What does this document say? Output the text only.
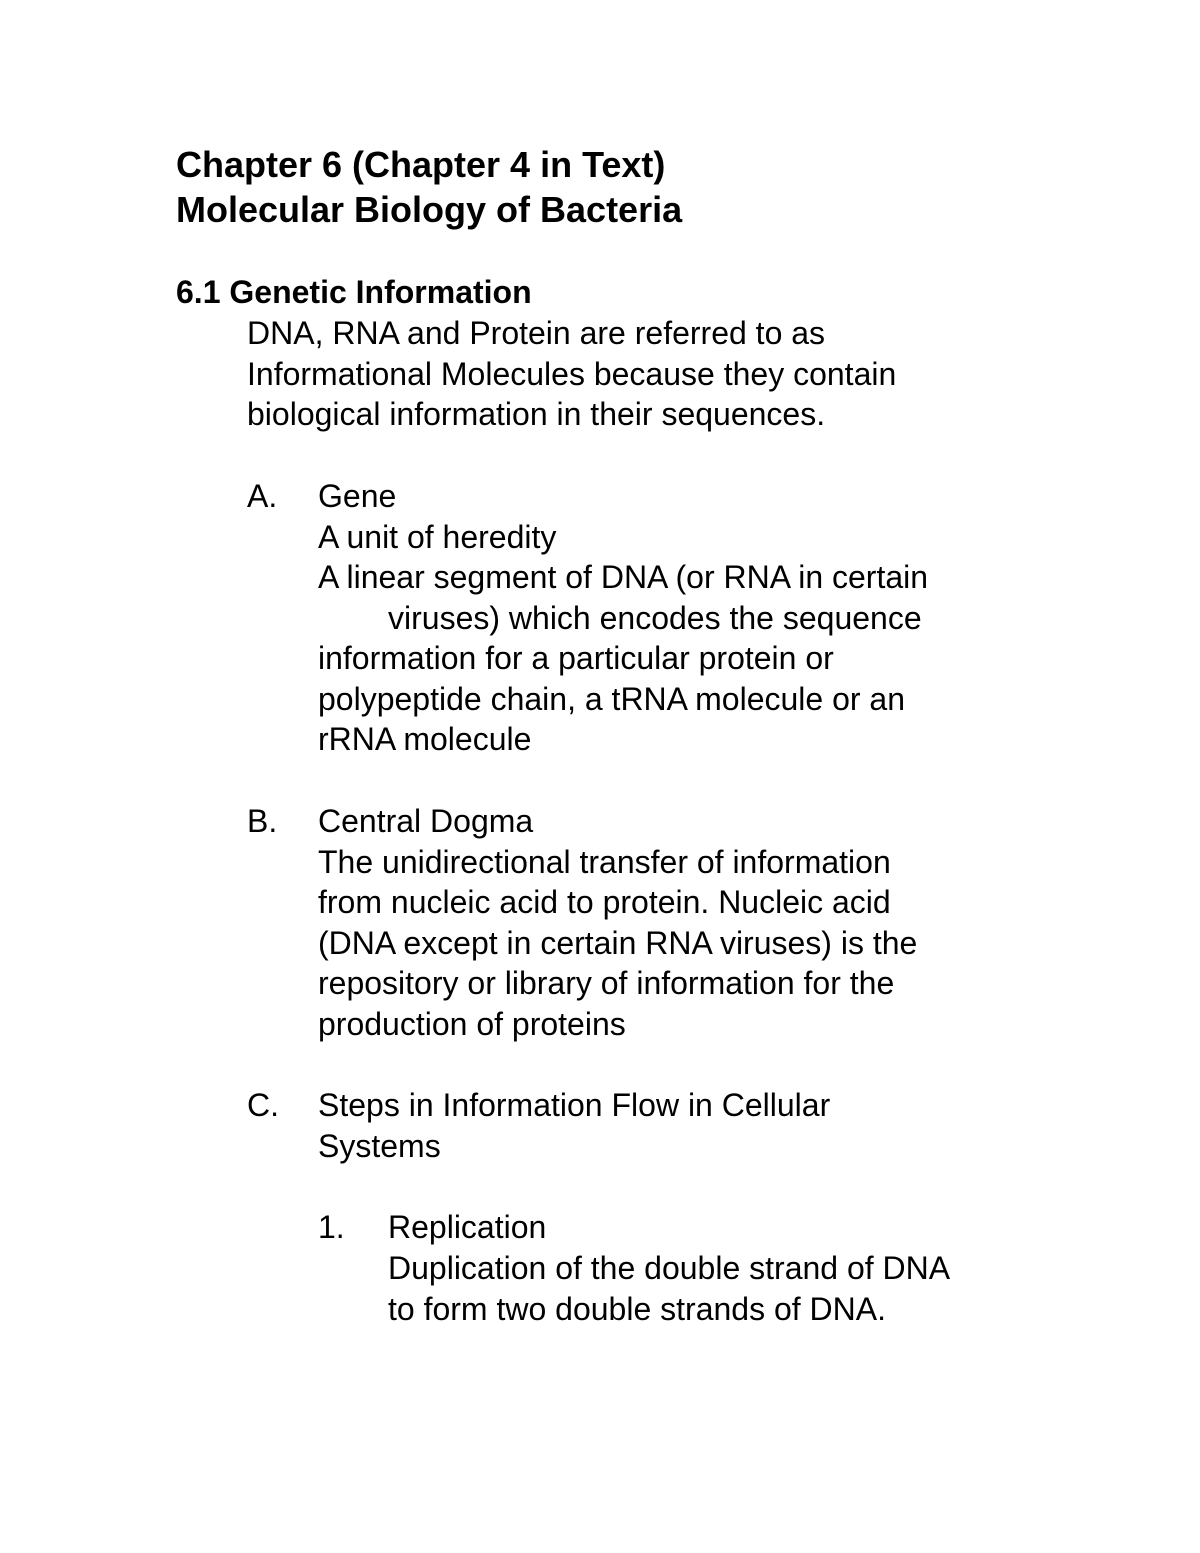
Chapter 6 (Chapter 4 in Text)
Molecular Biology of Bacteria
6.1 Genetic Information
DNA, RNA and Protein are referred to as
Informational Molecules because they contain
biological information in their sequences.
A. Gene
A unit of heredity
A linear segment of DNA (or RNA in certain
viruses) which encodes the sequence
information for a particular protein or
polypeptide chain, a tRNA molecule or an
rRNA molecule
B. Central Dogma
The unidirectional transfer of information
from nucleic acid to protein. Nucleic acid
(DNA except in certain RNA viruses) is the
repository or library of information for the
production of proteins
C. Steps in Information Flow in Cellular
Systems
1. Replication
Duplication of the double strand of DNA
to form two double strands of DNA.
